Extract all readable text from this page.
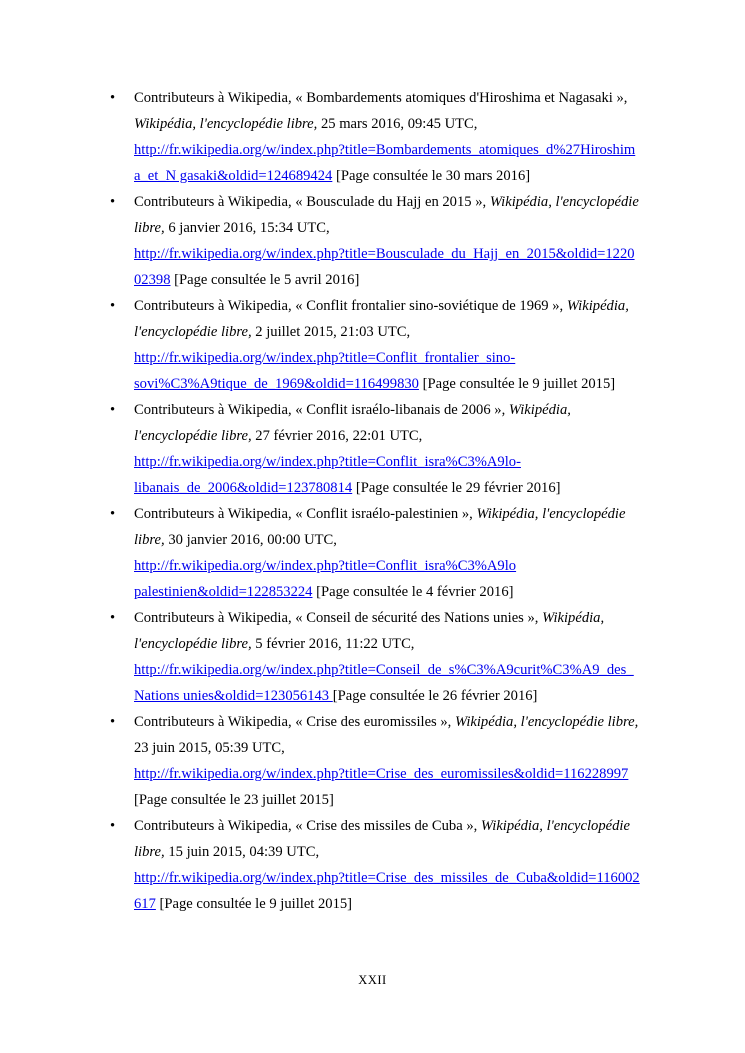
• Contributeurs à Wikipedia, « Bombardements atomiques d'Hiroshima et Nagasaki »,
Wikipédia, l'encyclopédie libre, 25 mars 2016, 09:45 UTC,
http://fr.wikipedia.org/w/index.php?title=Bombardements_atomiques_d%27Hiroshim
a_et_N gasaki&oldid=124689424 [Page consultée le 30 mars 2016]
• Contributeurs à Wikipedia, « Bousculade du Hajj en 2015 », Wikipédia, l'encyclopédie
libre, 6 janvier 2016, 15:34 UTC,
http://fr.wikipedia.org/w/index.php?title=Bousculade_du_Hajj_en_2015&oldid=1220
02398 [Page consultée le 5 avril 2016]
• Contributeurs à Wikipedia, « Conflit frontalier sino-soviétique de 1969 », Wikipédia,
l'encyclopédie libre, 2 juillet 2015, 21:03 UTC,
http://fr.wikipedia.org/w/index.php?title=Conflit_frontalier_sino-
sovi%C3%A9tique_de_1969&oldid=116499830 [Page consultée le 9 juillet 2015]
• Contributeurs à Wikipedia, « Conflit israélo-libanais de 2006 », Wikipédia,
l'encyclopédie libre, 27 février 2016, 22:01 UTC,
http://fr.wikipedia.org/w/index.php?title=Conflit_isra%C3%A9lo-
libanais_de_2006&oldid=123780814 [Page consultée le 29 février 2016]
• Contributeurs à Wikipedia, « Conflit israélo-palestinien », Wikipédia, l'encyclopédie
libre, 30 janvier 2016, 00:00 UTC,
http://fr.wikipedia.org/w/index.php?title=Conflit_isra%C3%A9lo
palestinien&oldid=122853224 [Page consultée le 4 février 2016]
• Contributeurs à Wikipedia, « Conseil de sécurité des Nations unies », Wikipédia,
l'encyclopédie libre, 5 février 2016, 11:22 UTC,
http://fr.wikipedia.org/w/index.php?title=Conseil_de_s%C3%A9curit%C3%A9_des_
Nations unies&oldid=123056143 [Page consultée le 26 février 2016]
• Contributeurs à Wikipedia, « Crise des euromissiles », Wikipédia, l'encyclopédie libre,
23 juin 2015, 05:39 UTC,
http://fr.wikipedia.org/w/index.php?title=Crise_des_euromissiles&oldid=116228997
[Page consultée le 23 juillet 2015]
• Contributeurs à Wikipedia, « Crise des missiles de Cuba », Wikipédia, l'encyclopédie
libre, 15 juin 2015, 04:39 UTC,
http://fr.wikipedia.org/w/index.php?title=Crise_des_missiles_de_Cuba&oldid=116002
617 [Page consultée le 9 juillet 2015]
XXII
